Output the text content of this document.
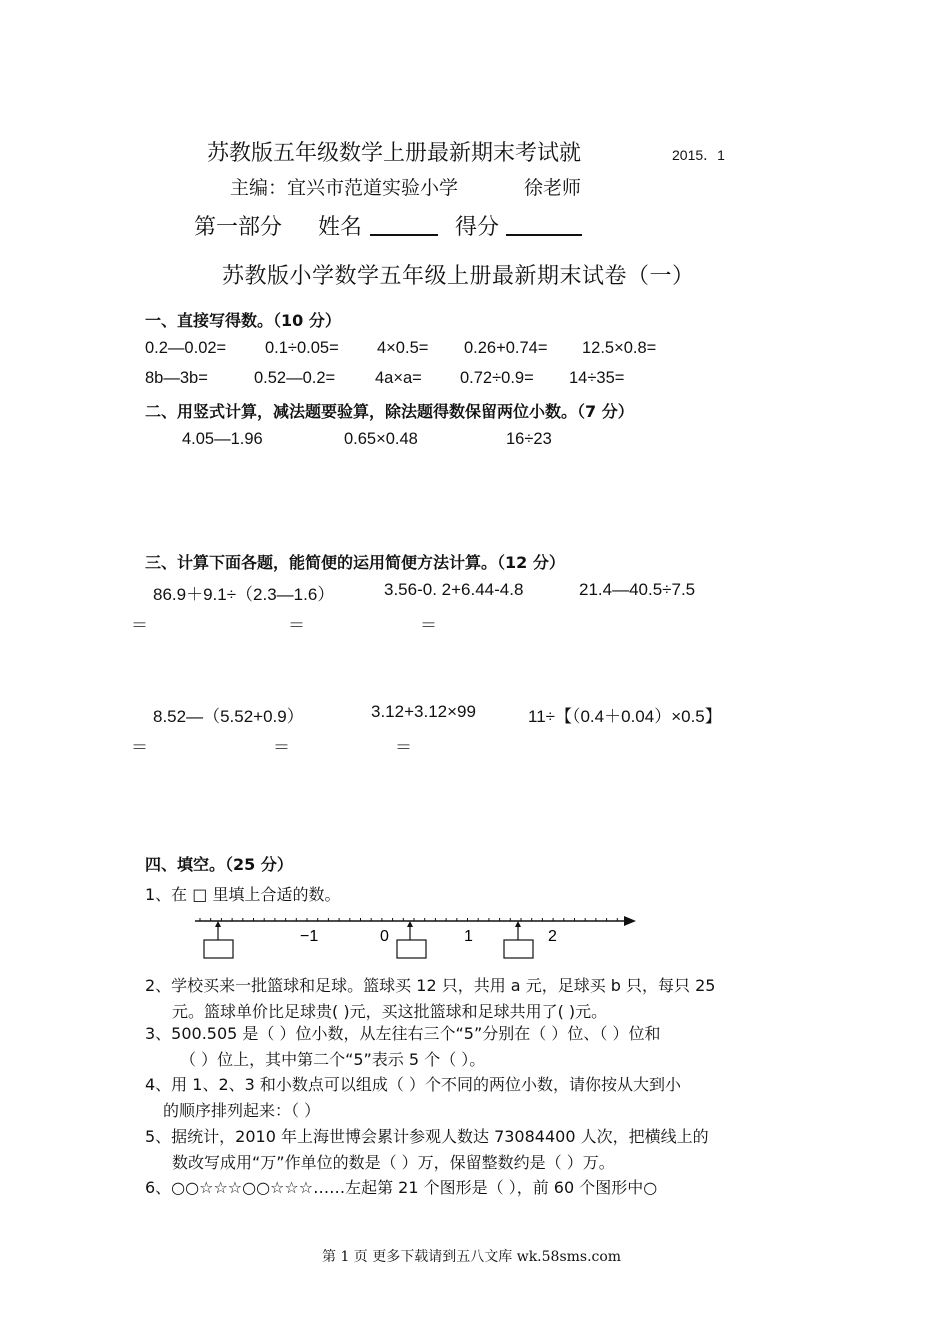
苏教版五年级数学上册最新期末考试就	2015．1
主编：宜兴市范道实验小学	徐老师
第一部分 姓名	得分
苏教版小学数学五年级上册最新期末试卷（一）
一、直接写得数。（10 分）
0.2—0.02= 0.1÷0.05= 4×0.5= 0.26+0.74= 12.5×0.8=
8b—3b=	0.52—0.2= 4a×a= 0.72÷0.9= 14÷35=
二、用竖式计算，减法题要验算，除法题得数保留两位小数。（7 分）
4.05—1.96	0.65×0.48	16÷23
三、计算下面各题，能简便的运用简便方法计算。（12 分）
86.9＋9.1÷（2.3—1.6）	3.56-0. 2+6.44-4.8	21.4—40.5÷7.5
＝	＝	＝
8.52—（5.52+0.9）	3.12+3.12×99	11÷【（0.4＋0.04）×0.5】
＝	＝	＝
四、填空。（25 分）
1、在 □ 里填上合适的数。
−1	0	1	2
2、学校买来一批篮球和足球。篮球买 12 只，共用 a 元，足球买 b 只，每只 25
元。篮球单价比足球贵( )元，买这批篮球和足球共用了( )元。
3、500.505 是（ ）位小数，从左往右三个“5”分别在（ ）位、（ ）位和
（ ）位上，其中第二个“5”表示 5 个（ ）。
4、用 1、2、3 和小数点可以组成（ ）个不同的两位小数，请你按从大到小
的顺序排列起来：（ ）
5、据统计，2010 年上海世博会累计参观人数达 73084400 人次，把横线上的
数改写成用“万”作单位的数是（ ）万，保留整数约是（ ）万。
6、○○☆☆☆○○☆☆☆……左起第 21 个图形是（ ），前 60 个图形中○
第 1 页 更多下载请到五八文库 wk.58sms.com
